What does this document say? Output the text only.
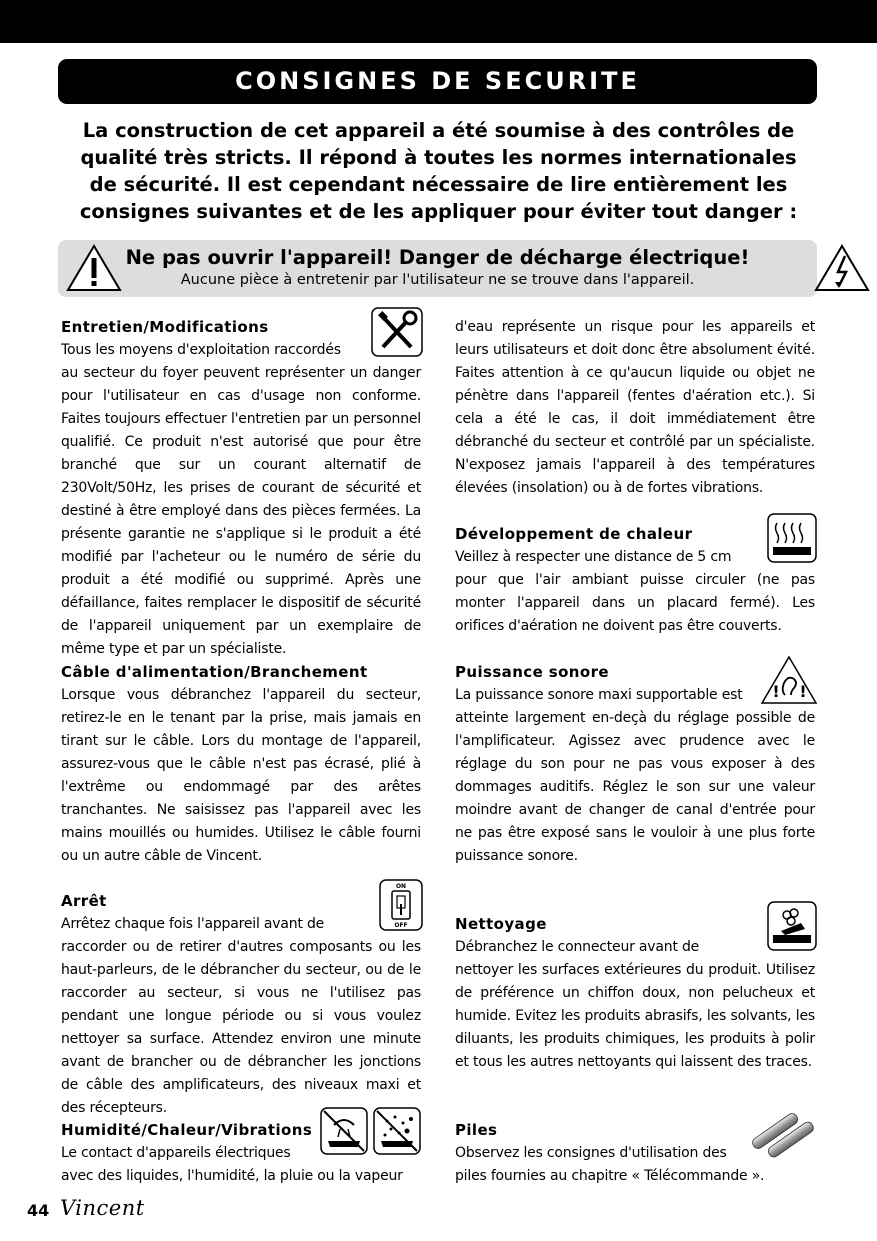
CONSIGNES DE SECURITE
La construction de cet appareil a été soumise à des contrôles de qualité très stricts. Il répond à toutes les normes internationales de sécurité. Il est cependant nécessaire de lire entièrement les consignes suivantes et de les appliquer pour éviter tout danger :
Ne pas ouvrir l'appareil! Danger de décharge électrique!
Aucune pièce à entretenir par l'utilisateur ne se trouve dans l'appareil.
Entretien/Modifications

Tous les moyens d'exploitation raccordés

au secteur du foyer peuvent représenter un danger pour l'utilisateur en cas d'usage non conforme. Faites toujours effectuer l'entretien par un personnel qualifié. Ce produit n'est autorisé que pour être branché que sur un courant alternatif de 230Volt/50Hz, les prises de courant de sécurité et destiné à être employé dans des pièces fermées. La présente garantie ne s'applique si le produit a été modifié par l'acheteur ou le numéro de série du produit a été modifié ou supprimé. Après une défaillance, faites remplacer le dispositif de sécurité de l'appareil uniquement par un exemplaire de même type et par un spécialiste.

Câble d'alimentation/Branchement

Lorsque vous débranchez l'appareil du secteur, retirez-le en le tenant par la prise, mais jamais en tirant sur le câble. Lors du montage de l'appareil, assurez-vous que le câble n'est pas écrasé, plié à l'extrême ou endommagé par des arêtes tranchantes. Ne saisissez pas l'appareil avec les mains mouillés ou humides. Utilisez le câble fourni ou un autre câble de Vincent.

Arrêt

Arrêtez chaque fois l'appareil avant de

raccorder ou de retirer d'autres composants ou les haut-parleurs, de le débrancher du secteur, ou de le raccorder au secteur, si vous ne l'utilisez pas pendant une longue période ou si vous voulez nettoyer sa surface. Attendez environ une minute avant de brancher ou de débrancher les jonctions de câble des amplificateurs, des niveaux maxi et des récepteurs.

ON
OFF
Humidité/Chaleur/Vibrations

Le contact d'appareils électriques

avec des liquides, l'humidité, la pluie ou la vapeur

d'eau représente un risque pour les appareils et leurs utilisateurs et doit donc être absolument évité. Faites attention à ce qu'aucun liquide ou objet ne pénètre dans l'appareil (fentes d'aération etc.). Si cela a été le cas, il doit immédiatement être débranché du secteur et contrôlé par un spécialiste. N'exposez jamais l'appareil à des températures élevées (insolation) ou à de fortes vibrations.

Développement de chaleur

Veillez à respecter une distance de 5 cm

pour que l'air ambiant puisse circuler (ne pas monter l'appareil dans un placard fermé). Les orifices d'aération ne doivent pas être couverts.

Puissance sonore

La puissance sonore maxi supportable est

atteinte largement en-deçà du réglage possible de l'amplificateur. Agissez avec prudence avec le réglage du son pour ne pas vous exposer à des dommages auditifs. Réglez le son sur une valeur moindre avant de changer de canal d'entrée pour ne pas être exposé sans le vouloir à une plus forte puissance sonore.

! !
Nettoyage

Débranchez le connecteur avant de

nettoyer les surfaces extérieures du produit. Utilisez de préférence un chiffon doux, non pelucheux et humide. Evitez les produits abrasifs, les solvants, les diluants, les produits chimiques, les produits à polir et tous les autres nettoyants qui laissent des traces.

Piles

Observez les consignes d'utilisation des

piles fournies au chapitre « Télécommande ».

44 Vincent
